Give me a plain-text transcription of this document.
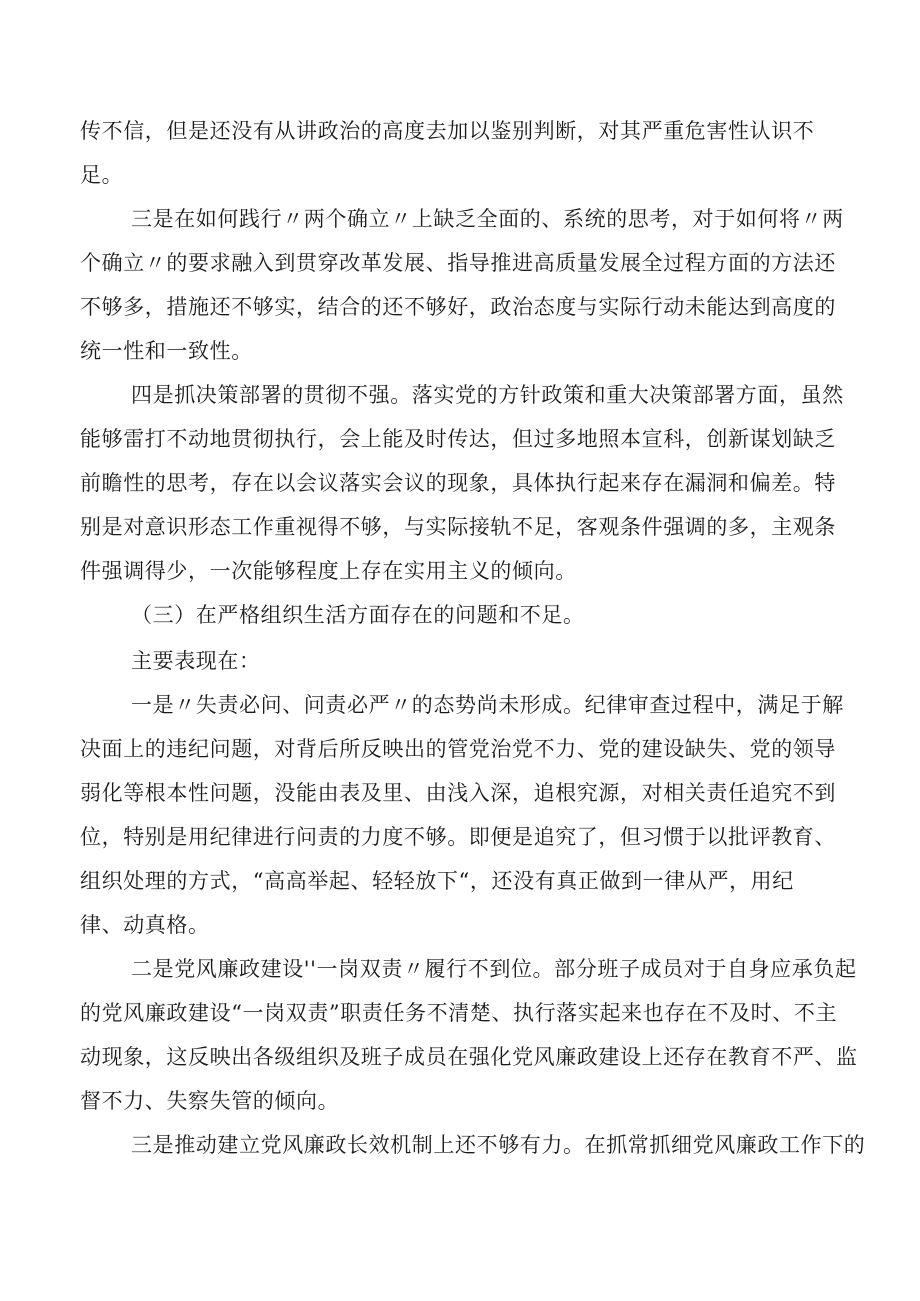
传不信，但是还没有从讲政治的高度去加以鉴别判断，对其严重危害性认识不
足。
三是在如何践行〃两个确立〃上缺乏全面的、系统的思考，对于如何将〃两
个确立〃的要求融入到贯穿改革发展、指导推进高质量发展全过程方面的方法还
不够多，措施还不够实，结合的还不够好，政治态度与实际行动未能达到高度的
统一性和一致性。
四是抓决策部署的贯彻不强。落实党的方针政策和重大决策部署方面，虽然
能够雷打不动地贯彻执行，会上能及时传达，但过多地照本宣科，创新谋划缺乏
前瞻性的思考，存在以会议落实会议的现象，具体执行起来存在漏洞和偏差。特
别是对意识形态工作重视得不够，与实际接轨不足，客观条件强调的多，主观条
件强调得少，一次能够程度上存在实用主义的倾向。
（三）在严格组织生活方面存在的问题和不足。
主要表现在：
一是〃失责必问、问责必严〃的态势尚未形成。纪律审查过程中，满足于解
决面上的违纪问题，对背后所反映出的管党治党不力、党的建设缺失、党的领导
弱化等根本性问题，没能由表及里、由浅入深，追根究源，对相关责任追究不到
位，特别是用纪律进行问责的力度不够。即便是追究了，但习惯于以批评教育、
组织处理的方式，“高高举起、轻轻放下“，还没有真正做到一律从严，用纪
律、动真格。
二是党风廉政建设''一岗双责〃履行不到位。部分班子成员对于自身应承负起
的党风廉政建设“一岗双责”职责任务不清楚、执行落实起来也存在不及时、不主
动现象，这反映出各级组织及班子成员在强化党风廉政建设上还存在教育不严、监
督不力、失察失管的倾向。
三是推动建立党风廉政长效机制上还不够有力。在抓常抓细党风廉政工作下的
